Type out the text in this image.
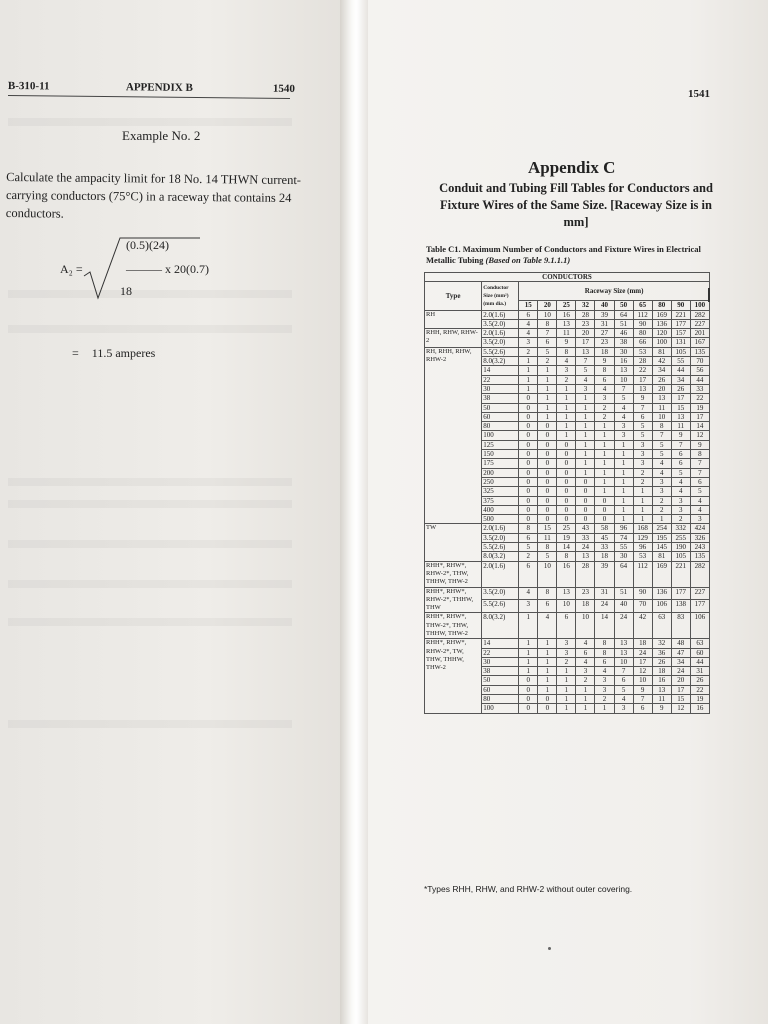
B-310-11	APPENDIX B	1540
Example No. 2
Calculate the ampacity limit for 18 No. 14 THWN current-carrying conductors (75°C) in a raceway that contains 24 conductors.
A₂ =
(0.5)(24)
——— x 20(0.7)
18
= 11.5 amperes
1541
Appendix C
Conduit and Tubing Fill Tables for Conductors and Fixture Wires of the Same Size. [Raceway Size is in mm]
Table C1. Maximum Number of Conductors and Fixture Wires in Electrical Metallic Tubing (Based on Table 9.1.1.1)
CONDUCTORS											
Type	Conductor Size (mm²) (mm dia.)	Raceway Size (mm)									
		15	20	25	32	40	50	65	80	90	100
RH	2.0(1.6)	6	10	16	28	39	64	112	169	221	282
	3.5(2.0)	4	8	13	23	31	51	90	136	177	227
RHH, RHW, RHW-2	2.0(1.6)	4	7	11	20	27	46	80	120	157	201
	3.5(2.0)	3	6	9	17	23	38	66	100	131	167
RH, RHH, RHW, RHW-2	5.5(2.6)	2	5	8	13	18	30	53	81	105	135
	8.0(3.2)	1	2	4	7	9	16	28	42	55	70
	14	1	1	3	5	8	13	22	34	44	56
	22	1	1	2	4	6	10	17	26	34	44
	30	1	1	1	3	4	7	13	20	26	33
	38	0	1	1	1	3	5	9	13	17	22
	50	0	1	1	1	2	4	7	11	15	19
	60	0	1	1	1	2	4	6	10	13	17
	80	0	0	1	1	1	3	5	8	11	14
	100	0	0	1	1	1	3	5	7	9	12
	125	0	0	0	1	1	1	3	5	7	9
	150	0	0	0	1	1	1	3	5	6	8
	175	0	0	0	1	1	1	3	4	6	7
	200	0	0	0	1	1	1	2	4	5	7
	250	0	0	0	0	1	1	2	3	4	6
	325	0	0	0	0	1	1	1	3	4	5
	375	0	0	0	0	0	1	1	2	3	4
	400	0	0	0	0	0	1	1	2	3	4
	500	0	0	0	0	0	1	1	1	2	3
TW	2.0(1.6)	8	15	25	43	58	96	168	254	332	424
	3.5(2.0)	6	11	19	33	45	74	129	195	255	326
	5.5(2.6)	5	8	14	24	33	55	96	145	190	243
	8.0(3.2)	2	5	8	13	18	30	53	81	105	135
RHH*, RHW*, RHW-2*, THW, THHW, THW-2	2.0(1.6)	6	10	16	28	39	64	112	169	221	282
RHH*, RHW*, RHW-2*, THHW, THW	3.5(2.0)	4	8	13	23	31	51	90	136	177	227
	5.5(2.6)	3	6	10	18	24	40	70	106	138	177
RHH*, RHW*, THW-2*, THW, THHW, THW-2	8.0(3.2)	1	4	6	10	14	24	42	63	83	106
RHH*, RHW*, RHW-2*, TW, THW, THHW, THW-2	14	1	1	3	4	8	13	18	32	48	63
	22	1	1	3	6	8	13	24	36	47	60
	30	1	1	2	4	6	10	17	26	34	44
	38	1	1	1	3	4	7	12	18	24	31
	50	0	1	1	2	3	6	10	16	20	26
	60	0	1	1	1	3	5	9	13	17	22
	80	0	0	1	1	2	4	7	11	15	19
	100	0	0	1	1	1	3	6	9	12	16
*Types RHH, RHW, and RHW-2 without outer covering.
